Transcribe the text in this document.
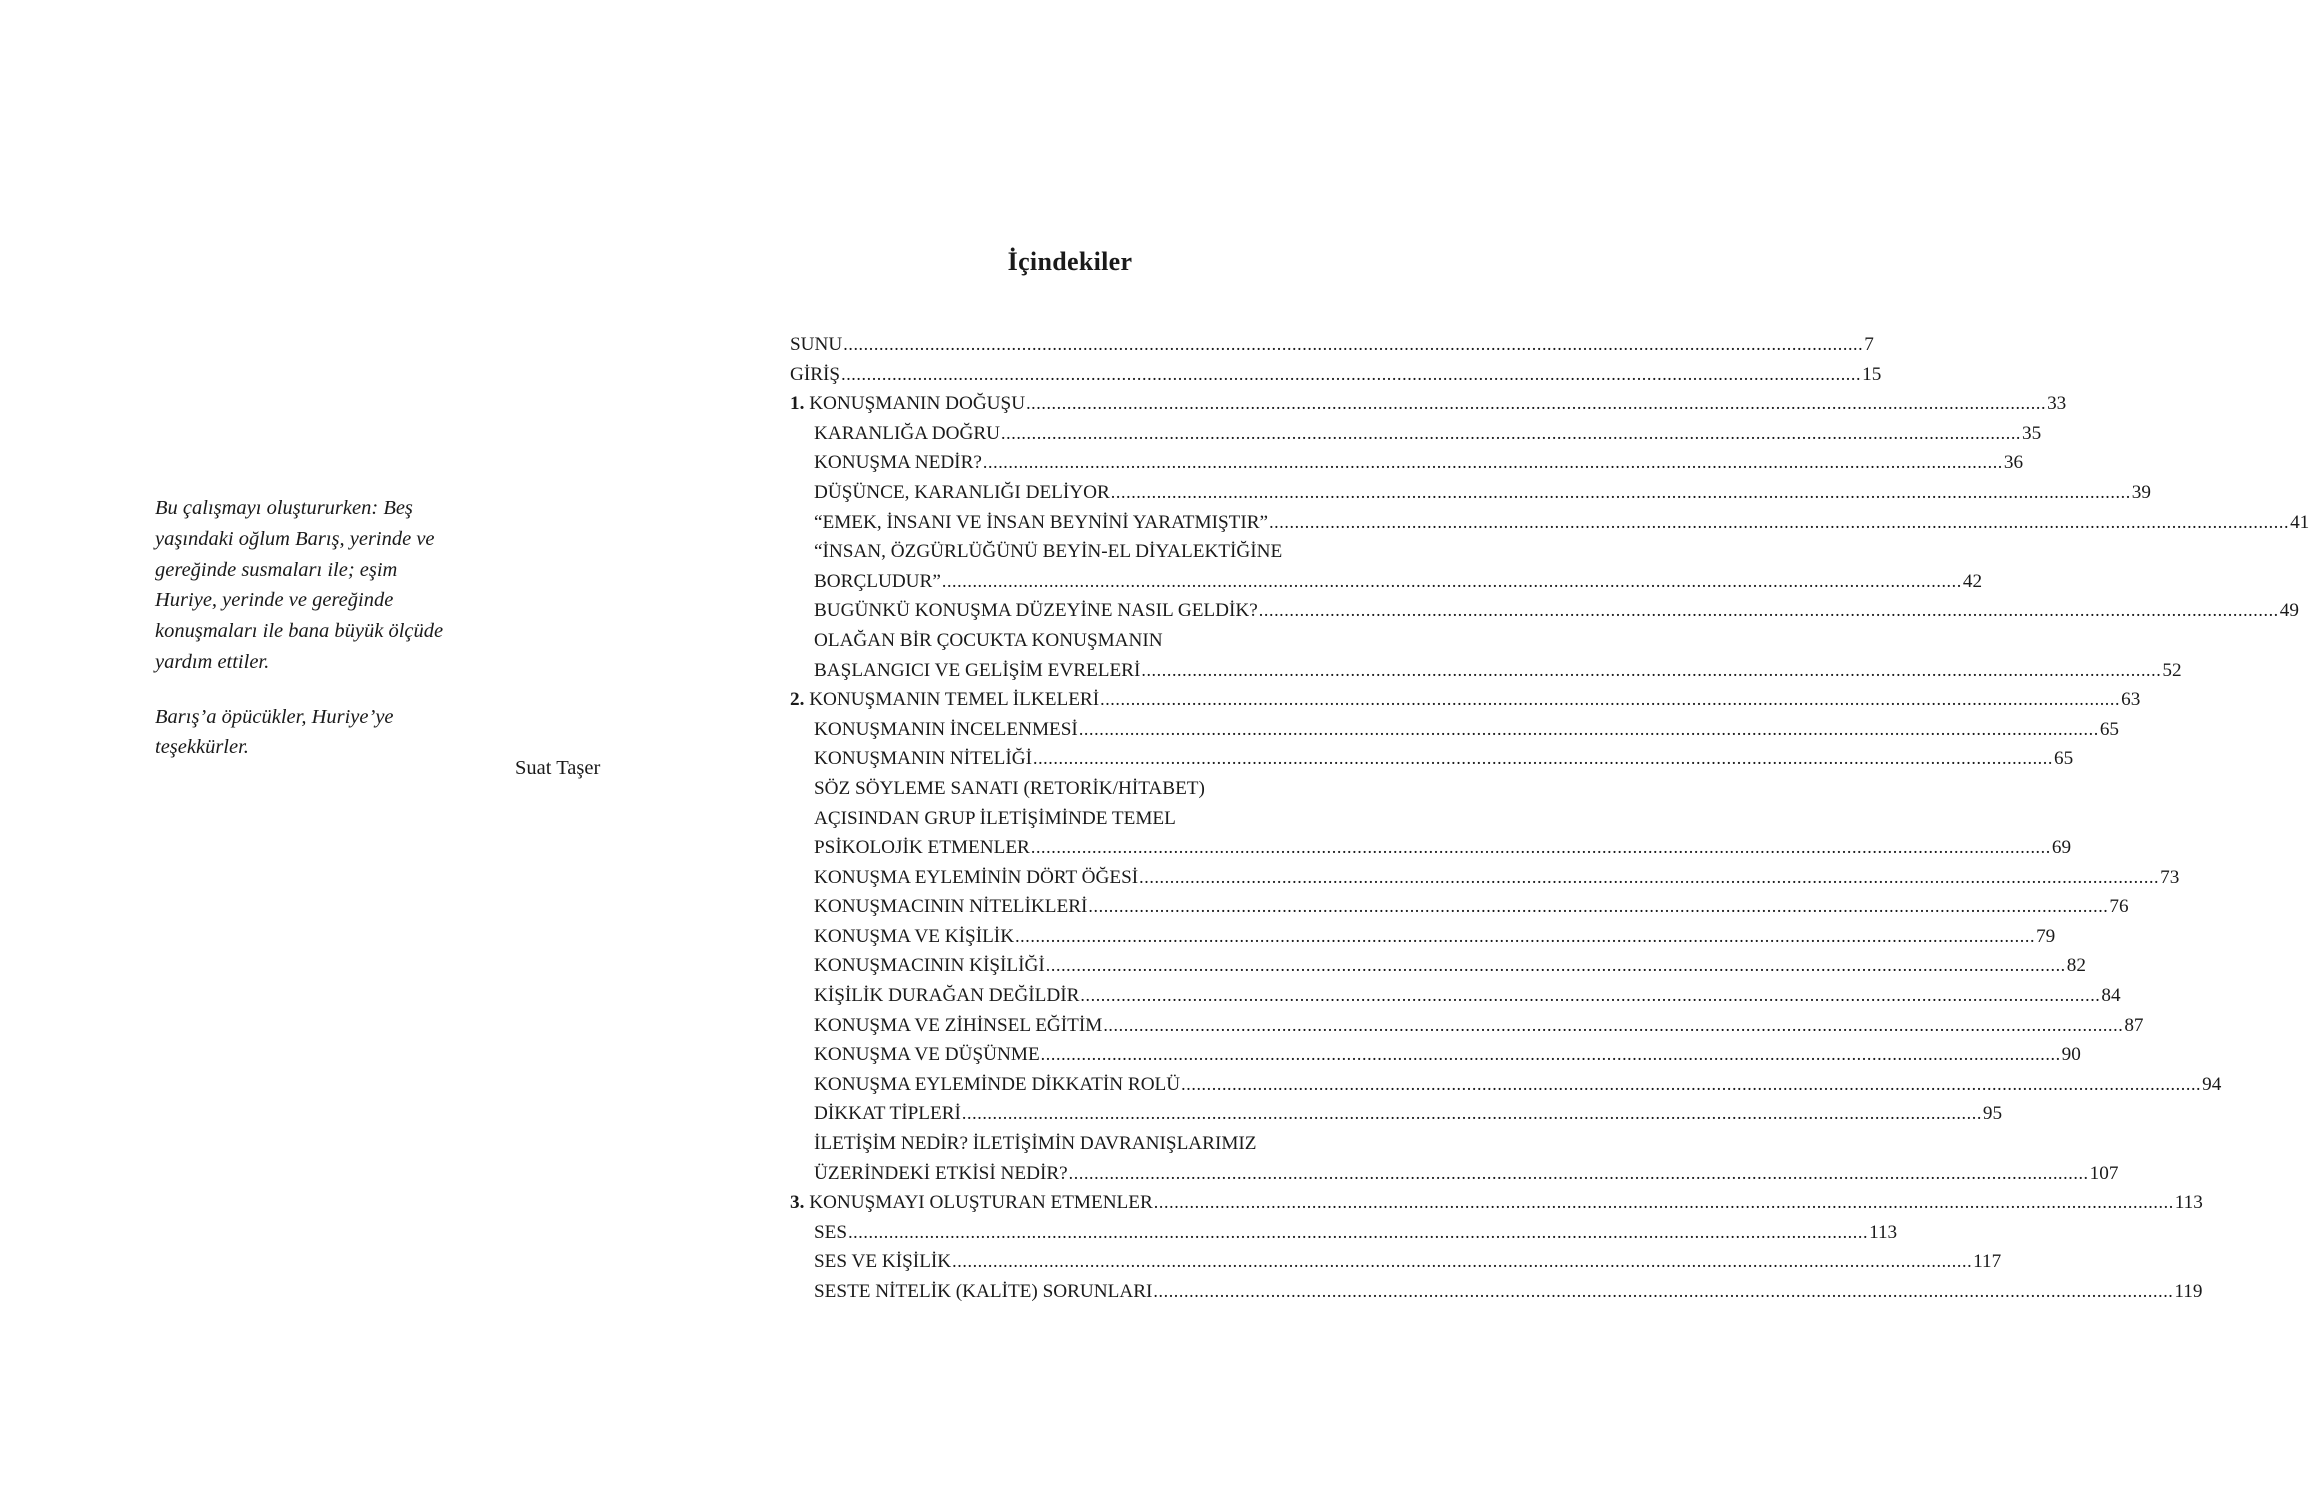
Bu çalışmayı oluştururken: Beş yaşındaki oğlum Barış, yerinde ve gereğinde susmaları ile; eşim Huriye, yerinde ve gereğinde konuşmaları ile bana büyük ölçüde yardım ettiler.

Barış’a öpücükler, Huriye’ye teşekkürler.

Suat Taşer
İçindekiler
SUNU ........................................................................................................................................................................................................ 7
GİRİŞ ........................................................................................................................................................................................................ 15
1. KONUŞMANIN DOĞUŞU ........................................................................................................................................................................................................ 33
KARANLIĞA DOĞRU ........................................................................................................................................................................................................ 35
KONUŞMA NEDİR? ........................................................................................................................................................................................................ 36
DÜŞÜNCE, KARANLIĞI DELİYOR ........................................................................................................................................................................................................ 39
“EMEK, İNSANI VE İNSAN BEYNİNİ YARATMIŞTIR” ........................................................................................................................................................................................................ 41
“İNSAN, ÖZGÜRLÜĞÜNÜ BEYİN-EL DİYALEKTİĞİNE
BORÇLUDUR” ........................................................................................................................................................................................................ 42
BUGÜNKÜ KONUŞMA DÜZEYİNE NASIL GELDİK? ........................................................................................................................................................................................................ 49
OLAĞAN BİR ÇOCUKTA KONUŞMANIN
BAŞLANGICI VE GELİŞİM EVRELERİ ........................................................................................................................................................................................................ 52
2. KONUŞMANIN TEMEL İLKELERİ ........................................................................................................................................................................................................ 63
KONUŞMANIN İNCELENMESİ ........................................................................................................................................................................................................ 65
KONUŞMANIN NİTELİĞİ ........................................................................................................................................................................................................ 65
SÖZ SÖYLEME SANATI (RETORİK/HİTABET)
AÇISINDAN GRUP İLETİŞİMİNDE TEMEL
PSİKOLOJİK ETMENLER ........................................................................................................................................................................................................ 69
KONUŞMA EYLEMİNİN DÖRT ÖĞESİ ........................................................................................................................................................................................................ 73
KONUŞMACININ NİTELİKLERİ ........................................................................................................................................................................................................ 76
KONUŞMA VE KİŞİLİK ........................................................................................................................................................................................................ 79
KONUŞMACININ KİŞİLİĞİ ........................................................................................................................................................................................................ 82
KİŞİLİK DURAĞAN DEĞİLDİR ........................................................................................................................................................................................................ 84
KONUŞMA VE ZİHİNSEL EĞİTİM ........................................................................................................................................................................................................ 87
KONUŞMA VE DÜŞÜNME ........................................................................................................................................................................................................ 90
KONUŞMA EYLEMİNDE DİKKATİN ROLÜ ........................................................................................................................................................................................................ 94
DİKKAT TİPLERİ ........................................................................................................................................................................................................ 95
İLETİŞİM NEDİR? İLETİŞİMİN DAVRANIŞLARIMIZ
ÜZERİNDEKİ ETKİSİ NEDİR? ........................................................................................................................................................................................................ 107
3. KONUŞMAYI OLUŞTURAN ETMENLER ........................................................................................................................................................................................................ 113
SES ........................................................................................................................................................................................................ 113
SES VE KİŞİLİK ........................................................................................................................................................................................................ 117
SESTE NİTELİK (KALİTE) SORUNLARI ........................................................................................................................................................................................................ 119
